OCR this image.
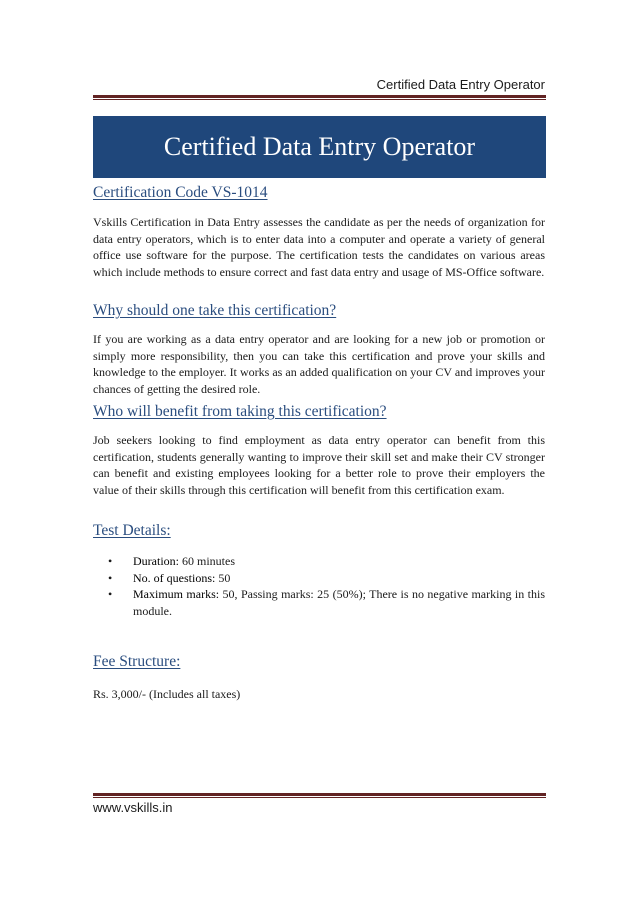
Certified Data Entry Operator
Certified Data Entry Operator
Certification Code VS-1014
Vskills Certification in Data Entry assesses the candidate as per the needs of organization for data entry operators, which is to enter data into a computer and operate a variety of general office use software for the purpose. The certification tests the candidates on various areas which include methods to ensure correct and fast data entry and usage of MS-Office software.
Why should one take this certification?
If you are working as a data entry operator and are looking for a new job or promotion or simply more responsibility, then you can take this certification and prove your skills and knowledge to the employer. It works as an added qualification on your CV and improves your chances of getting the desired role.
Who will benefit from taking this certification?
Job seekers looking to find employment as data entry operator can benefit from this certification, students generally wanting to improve their skill set and make their CV stronger can benefit and existing employees looking for a better role to prove their employers the value of their skills through this certification will benefit from this certification exam.
Test Details:
• Duration: 60 minutes
• No. of questions: 50
• Maximum marks: 50, Passing marks: 25 (50%); There is no negative marking in this module.
Fee Structure:
Rs. 3,000/- (Includes all taxes)
www.vskills.in
